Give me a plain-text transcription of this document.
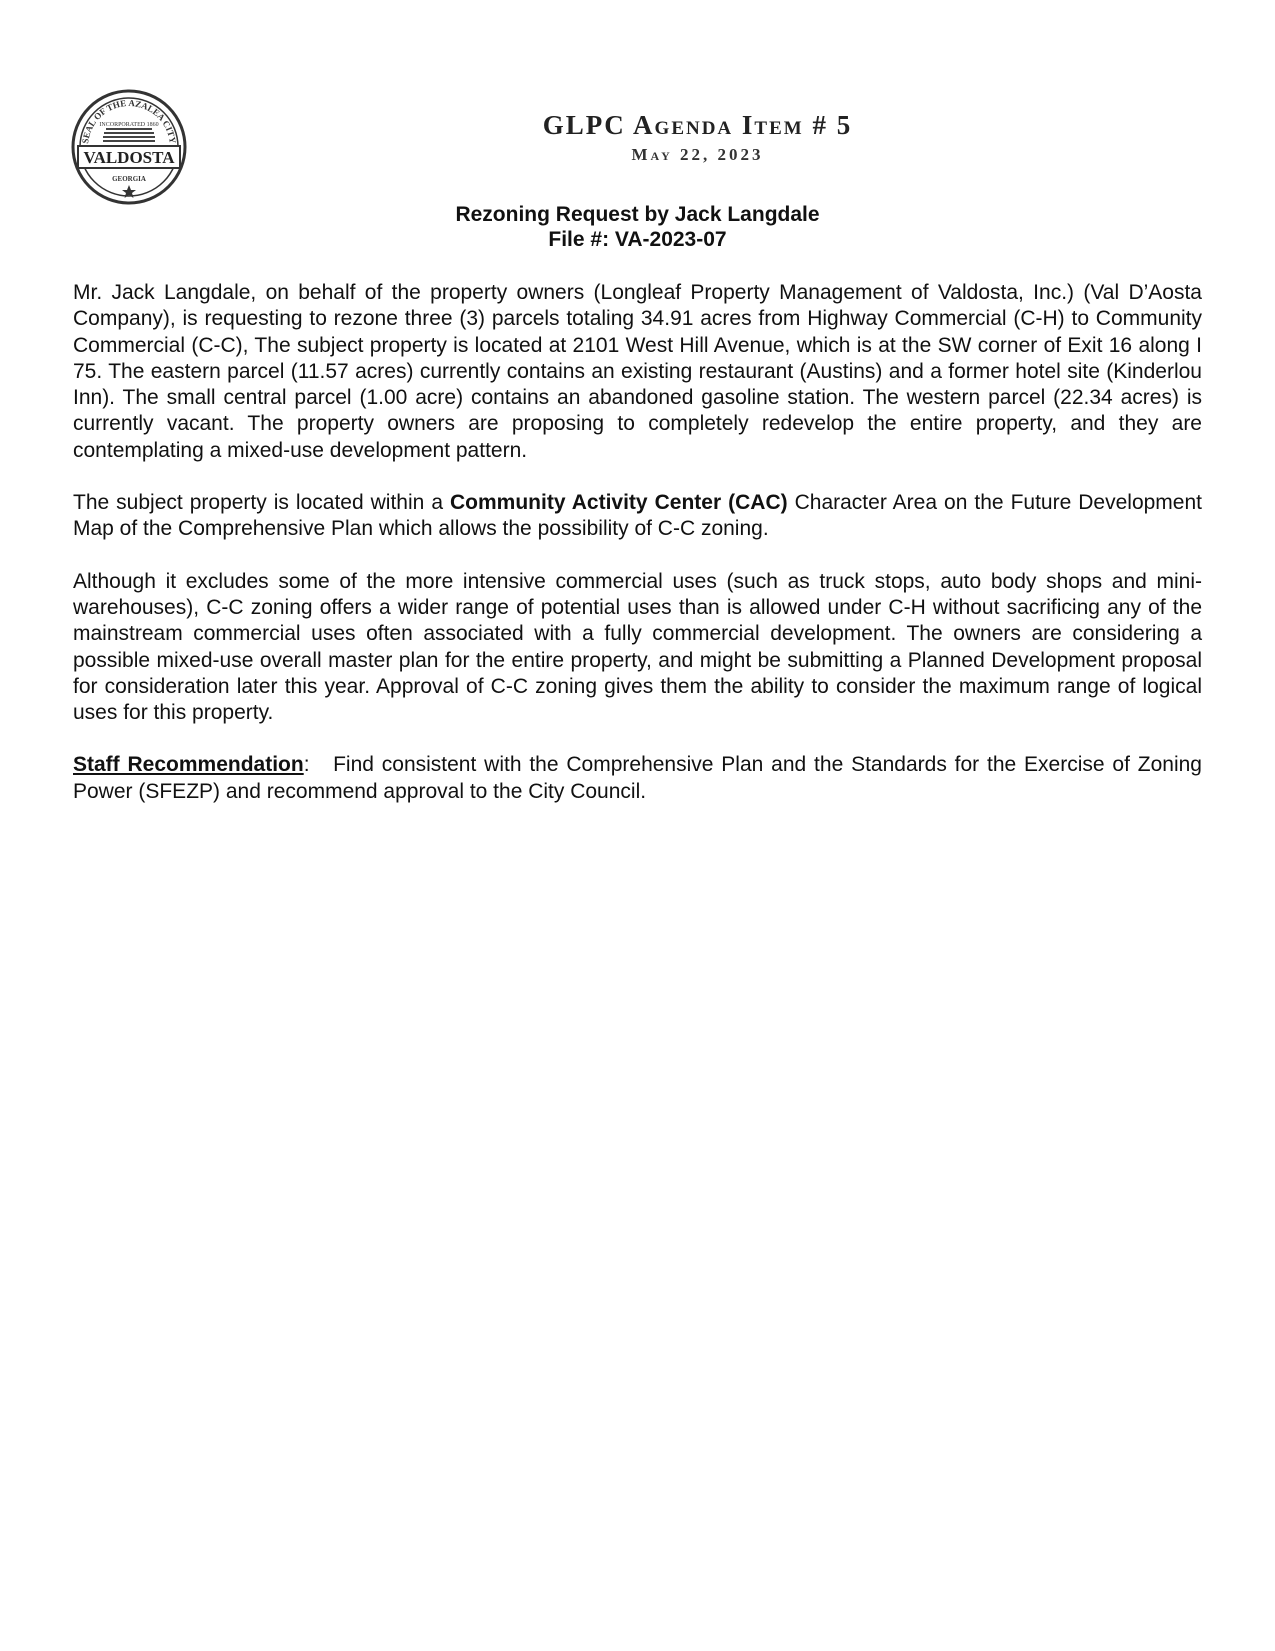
SEAL OF THE AZALEA CITY
INCORPORATED 1860
VALDOSTA
GEORGIA
GLPC Agenda Item # 5
May 22, 2023
Rezoning Request by Jack Langdale
File #: VA-2023-07

Mr. Jack Langdale, on behalf of the property owners (Longleaf Property Management of Valdosta, Inc.) (Val D’Aosta Company), is requesting to rezone three (3) parcels totaling 34.91 acres from Highway Commercial (C-H) to Community Commercial (C-C), The subject property is located at 2101 West Hill Avenue, which is at the SW corner of Exit 16 along I 75. The eastern parcel (11.57 acres) currently contains an existing restaurant (Austins) and a former hotel site (Kinderlou Inn). The small central parcel (1.00 acre) contains an abandoned gasoline station. The western parcel (22.34 acres) is currently vacant. The property owners are proposing to completely redevelop the entire property, and they are contemplating a mixed-use development pattern.

The subject property is located within a Community Activity Center (CAC) Character Area on the Future Development Map of the Comprehensive Plan which allows the possibility of C-C zoning.

Although it excludes some of the more intensive commercial uses (such as truck stops, auto body shops and mini-warehouses), C-C zoning offers a wider range of potential uses than is allowed under C-H without sacrificing any of the mainstream commercial uses often associated with a fully commercial development. The owners are considering a possible mixed-use overall master plan for the entire property, and might be submitting a Planned Development proposal for consideration later this year. Approval of C-C zoning gives them the ability to consider the maximum range of logical uses for this property.

Staff Recommendation:   Find consistent with the Comprehensive Plan and the Standards for the Exercise of Zoning Power (SFEZP) and recommend approval to the City Council.
